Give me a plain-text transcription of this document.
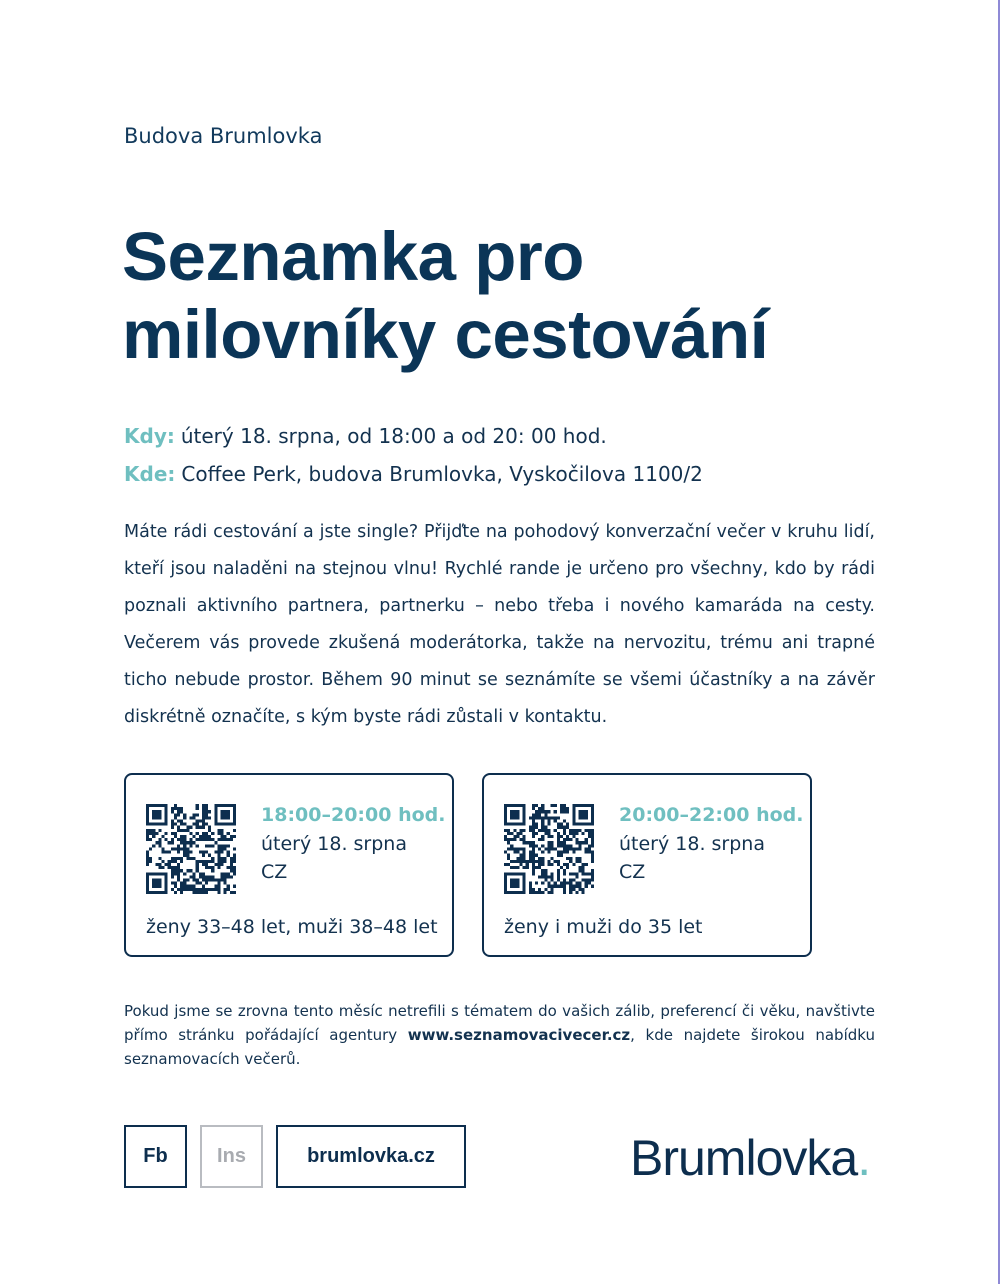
Budova Brumlovka
Seznamka pro
milovníky cestování
Kdy: úterý 18. srpna, od 18:00 a od 20: 00 hod.
Kde: Coffee Perk, budova Brumlovka, Vyskočilova 1100/2
Máte rádi cestování a jste single? Přijďte na pohodový konverzační večer v kruhu lidí, kteří jsou naladěni na stejnou vlnu! Rychlé rande je určeno pro všechny, kdo by rádi poznali aktivního partnera, partnerku – nebo třeba i nového kamaráda na cesty. Večerem vás provede zkušená moderátorka, takže na nervozitu, trému ani trapné ticho nebude prostor. Během 90 minut se seznámíte se všemi účastníky a na závěr diskrétně označíte, s kým byste rádi zůstali v kontaktu.
18:00–20:00 hod.
úterý 18. srpna
CZ
ženy 33–48 let, muži 38–48 let
20:00–22:00 hod.
úterý 18. srpna
CZ
ženy i muži do 35 let
Pokud jsme se zrovna tento měsíc netrefili s tématem do vašich zálib, preferencí či věku, navštivte přímo stránku pořádající agentury www.seznamovacivecer.cz, kde najdete širokou nabídku seznamovacích večerů.
Fb	Ins	brumlovka.cz	Brumlovka.
